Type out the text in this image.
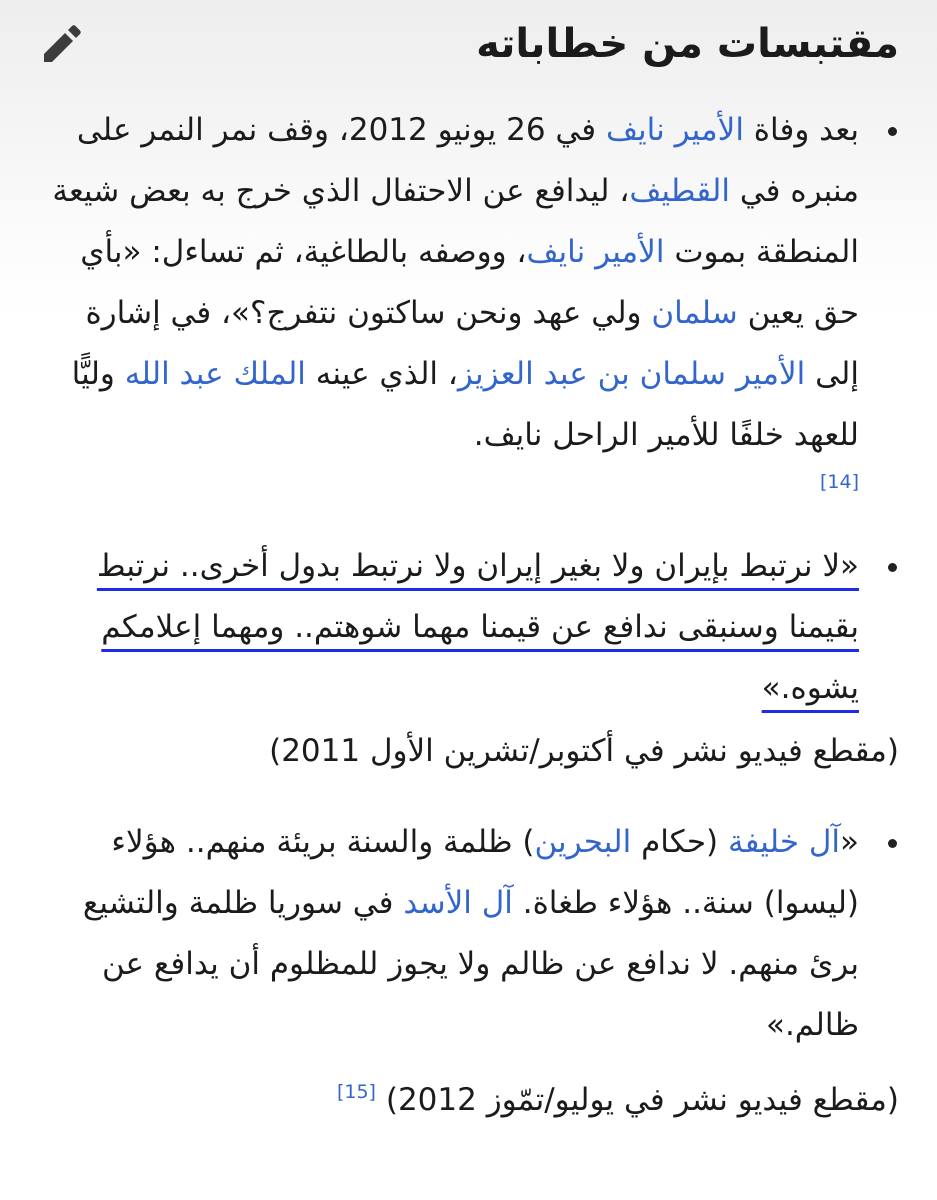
مقتبسات من خطاباته
بعد وفاة الأمير نايف في 26 يونيو 2012، وقف نمر النمر على منبره في القطيف، ليدافع عن الاحتفال الذي خرج به بعض شيعة المنطقة بموت الأمير نايف، ووصفه بالطاغية، ثم تساءل: «بأي حق يعين سلمان ولي عهد ونحن ساكتون نتفرج؟»، في إشارة إلى الأمير سلمان بن عبد العزيز، الذي عينه الملك عبد الله وليًّا للعهد خلفًا للأمير الراحل نايف.
[14]
«لا نرتبط بإيران ولا بغير إيران ولا نرتبط بدول أخرى.. نرتبط بقيمنا وسنبقى ندافع عن قيمنا مهما شوهتم.. ومهما إعلامكم يشوه.»
(مقطع فيديو نشر في أكتوبر/تشرين الأول 2011)
«آل خليفة (حكام البحرين) ظلمة والسنة بريئة منهم.. هؤلاء (ليسوا) سنة.. هؤلاء طغاة. آل الأسد في سوريا ظلمة والتشيع برئ منهم. لا ندافع عن ظالم ولا يجوز للمظلوم أن يدافع عن ظالم.»
(مقطع فيديو نشر في يوليو/تمّوز 2012) [15]
